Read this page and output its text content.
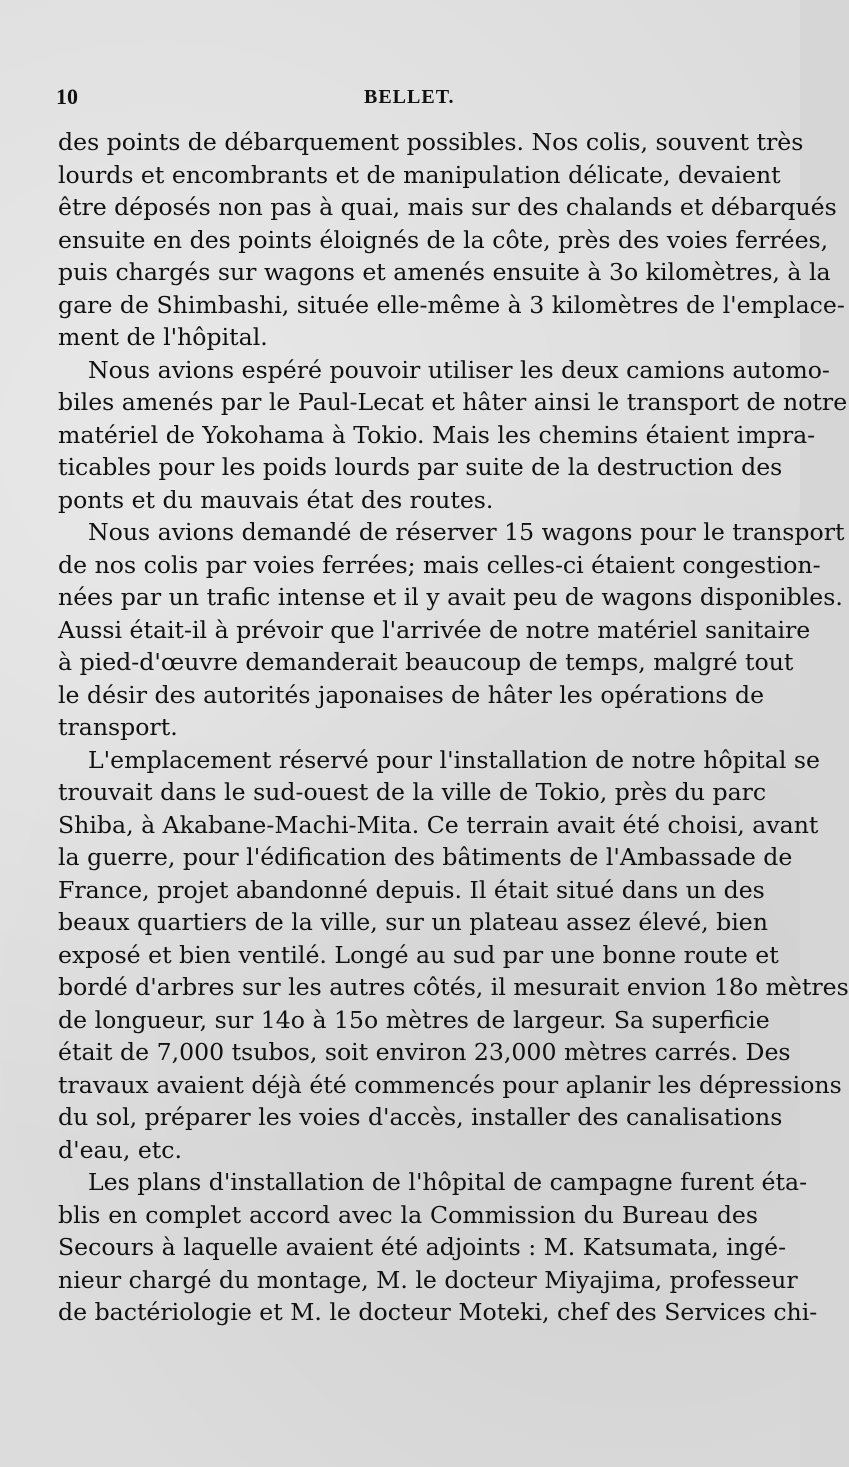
10	BELLET.
des points de débarquement possibles. Nos colis, souvent très
lourds et encombrants et de manipulation délicate, devaient
être déposés non pas à quai, mais sur des chalands et débarqués
ensuite en des points éloignés de la côte, près des voies ferrées,
puis chargés sur wagons et amenés ensuite à 3o kilomètres, à la
gare de Shimbashi, située elle-même à 3 kilomètres de l'emplace-
ment de l'hôpital.
Nous avions espéré pouvoir utiliser les deux camions automo-
biles amenés par le Paul-Lecat et hâter ainsi le transport de notre
matériel de Yokohama à Tokio. Mais les chemins étaient impra-
ticables pour les poids lourds par suite de la destruction des
ponts et du mauvais état des routes.
Nous avions demandé de réserver 15 wagons pour le transport
de nos colis par voies ferrées; mais celles-ci étaient congestion-
nées par un trafic intense et il y avait peu de wagons disponibles.
Aussi était-il à prévoir que l'arrivée de notre matériel sanitaire
à pied-d'œuvre demanderait beaucoup de temps, malgré tout
le désir des autorités japonaises de hâter les opérations de
transport.
L'emplacement réservé pour l'installation de notre hôpital se
trouvait dans le sud-ouest de la ville de Tokio, près du parc
Shiba, à Akabane-Machi-Mita. Ce terrain avait été choisi, avant
la guerre, pour l'édification des bâtiments de l'Ambassade de
France, projet abandonné depuis. Il était situé dans un des
beaux quartiers de la ville, sur un plateau assez élevé, bien
exposé et bien ventilé. Longé au sud par une bonne route et
bordé d'arbres sur les autres côtés, il mesurait envion 18o mètres
de longueur, sur 14o à 15o mètres de largeur. Sa superficie
était de 7,000 tsubos, soit environ 23,000 mètres carrés. Des
travaux avaient déjà été commencés pour aplanir les dépressions
du sol, préparer les voies d'accès, installer des canalisations
d'eau, etc.
Les plans d'installation de l'hôpital de campagne furent éta-
blis en complet accord avec la Commission du Bureau des
Secours à laquelle avaient été adjoints : M. Katsumata, ingé-
nieur chargé du montage, M. le docteur Miyajima, professeur
de bactériologie et M. le docteur Moteki, chef des Services chi-
